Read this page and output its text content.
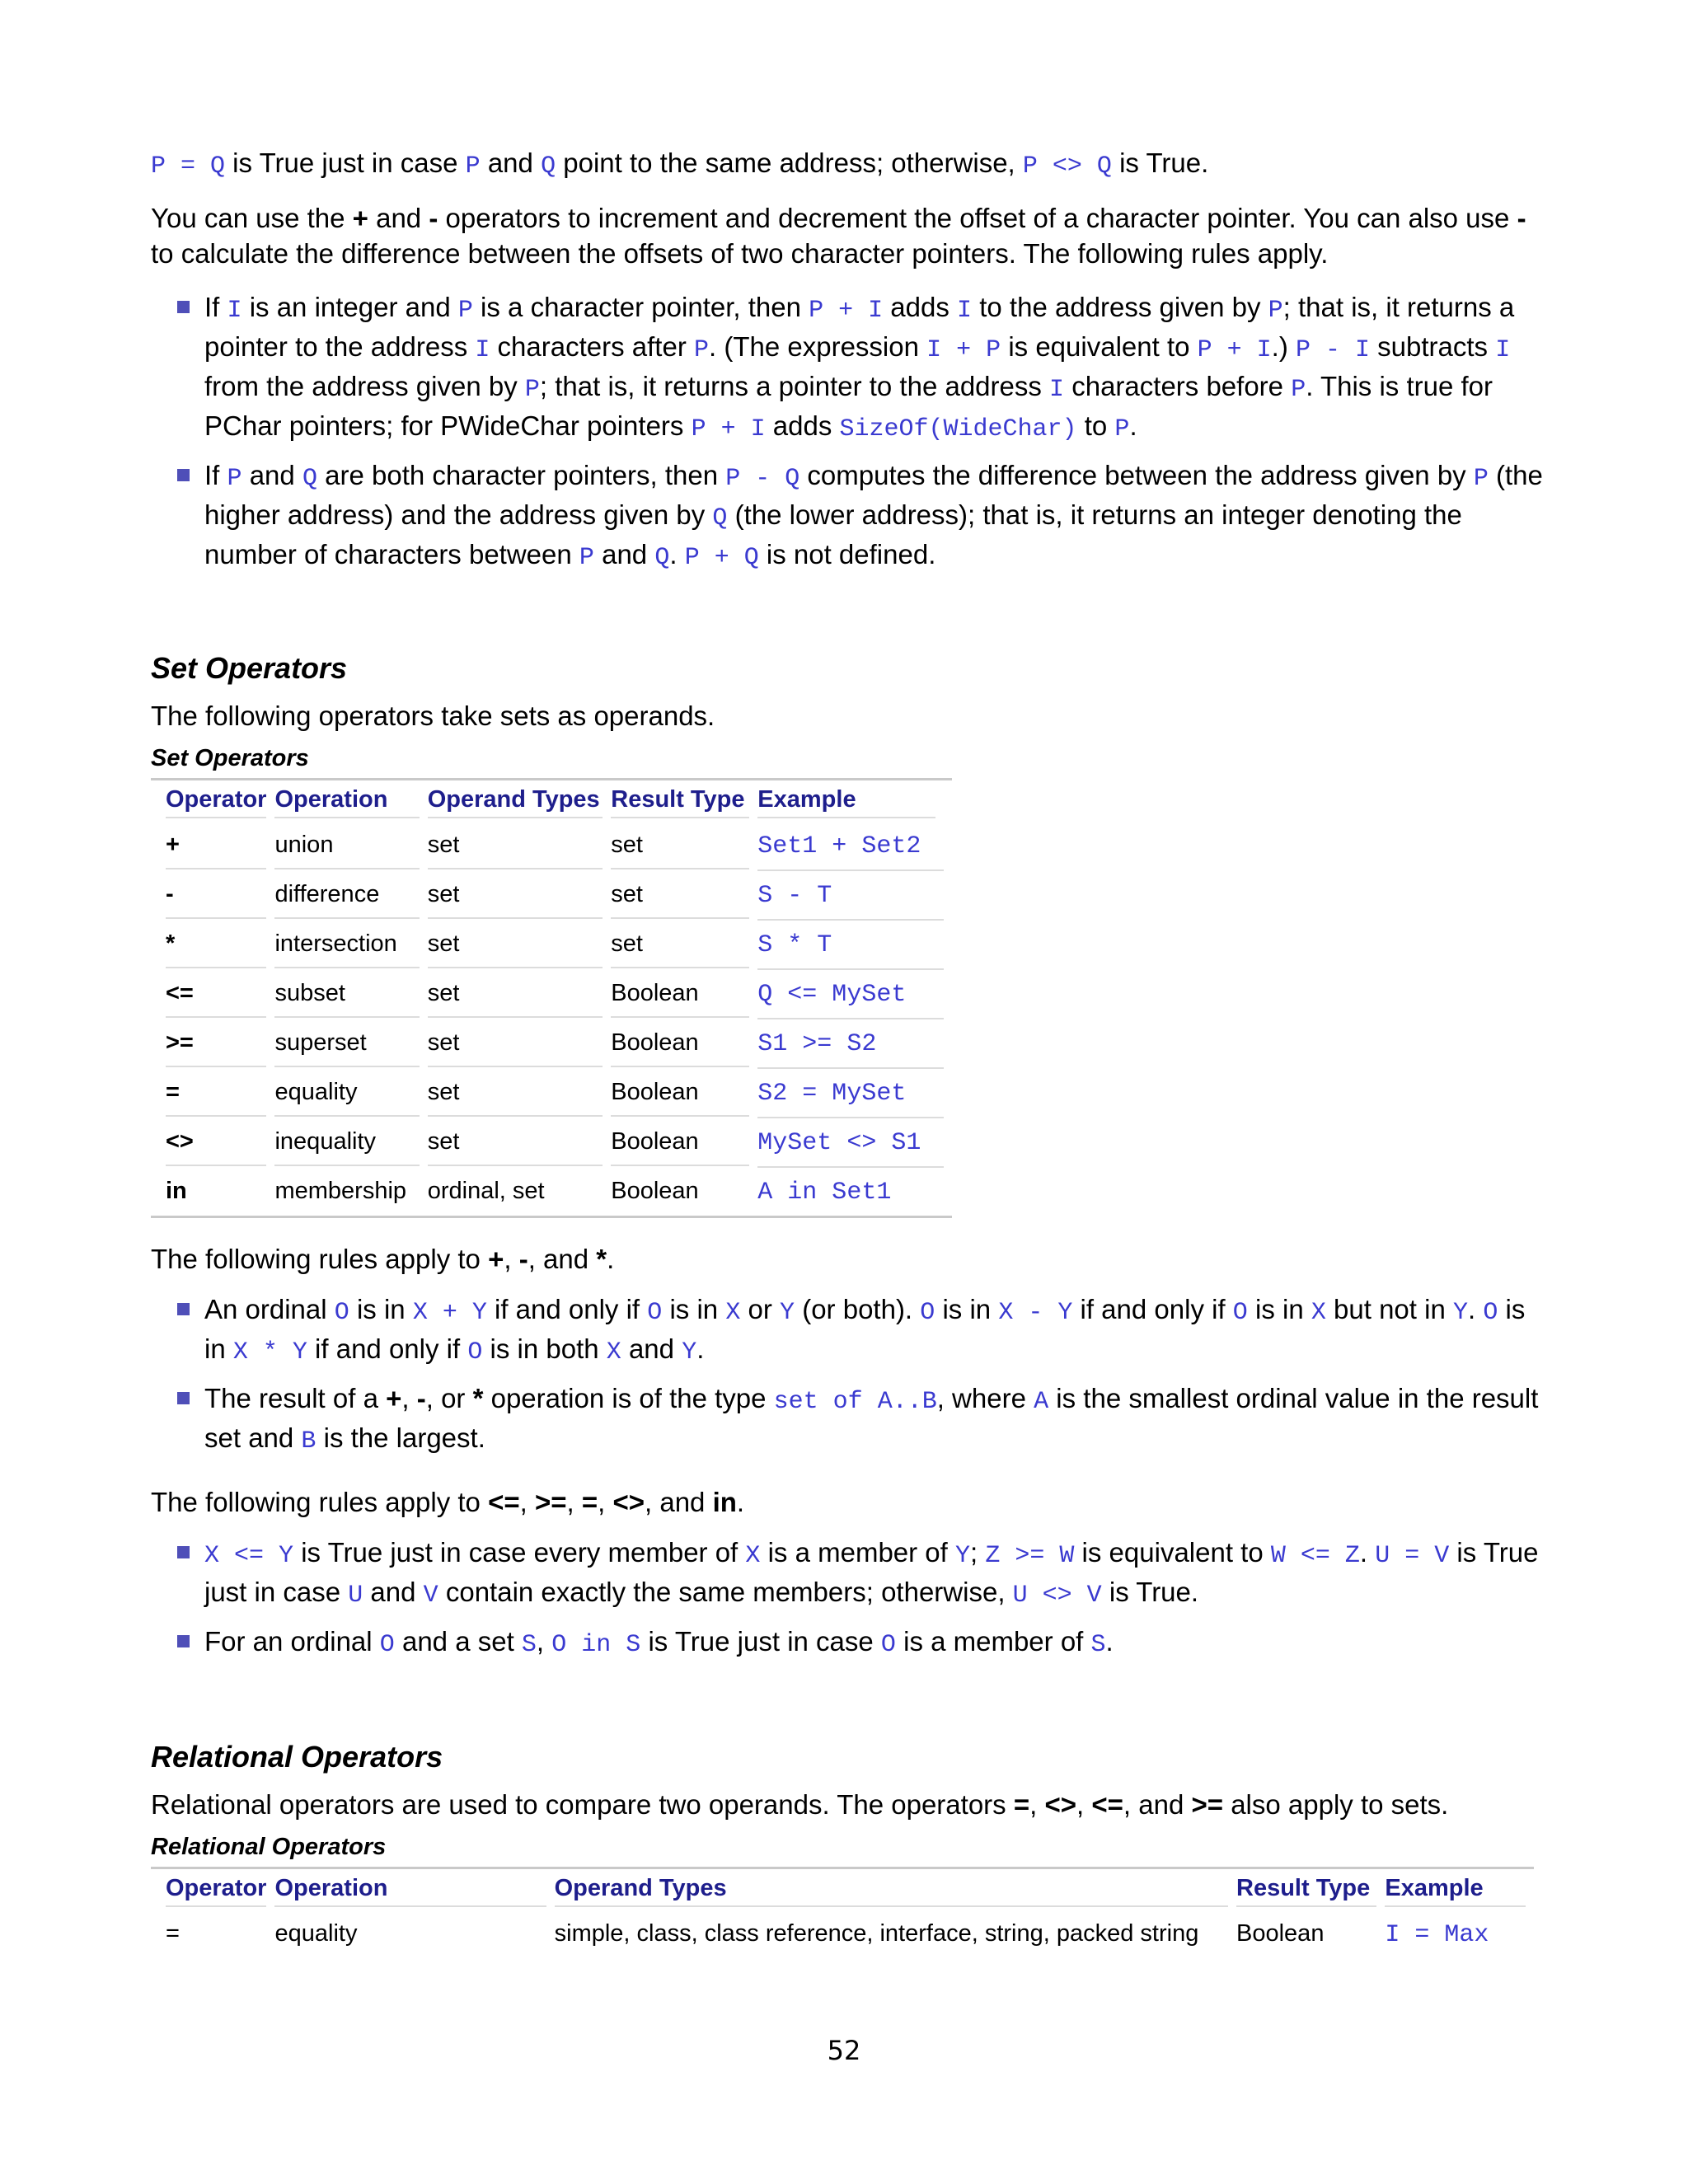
P = Q is True just in case P and Q point to the same address; otherwise, P <> Q is True.

You can use the + and - operators to increment and decrement the offset of a character pointer. You can also use - to calculate the difference between the offsets of two character pointers. The following rules apply.

If I is an integer and P is a character pointer, then P + I adds I to the address given by P; that is, it returns a pointer to the address I characters after P. (The expression I + P is equivalent to P + I.) P - I subtracts I from the address given by P; that is, it returns a pointer to the address I characters before P. This is true for PChar pointers; for PWideChar pointers P + I adds SizeOf(WideChar) to P.
If P and Q are both character pointers, then P - Q computes the difference between the address given by P (the higher address) and the address given by Q (the lower address); that is, it returns an integer denoting the number of characters between P and Q. P + Q is not defined.
Set Operators

The following operators take sets as operands.

Set Operators

Operator	Operation	Operand Types	Result Type	Example

+	union	set	set	Set1 + Set2

-	difference	set	set	S - T

*	intersection	set	set	S * T

<=	subset	set	Boolean	Q <= MySet

>=	superset	set	Boolean	S1 >= S2

=	equality	set	Boolean	S2 = MySet

<>	inequality	set	Boolean	MySet <> S1

in	membership	ordinal, set	Boolean	A in Set1

The following rules apply to +, -, and *.

An ordinal O is in X + Y if and only if O is in X or Y (or both). O is in X - Y if and only if O is in X but not in Y. O is in X * Y if and only if O is in both X and Y.
The result of a +, -, or * operation is of the type set of A..B, where A is the smallest ordinal value in the result set and B is the largest.

The following rules apply to <=, >=, =, <>, and in.

X <= Y is True just in case every member of X is a member of Y; Z >= W is equivalent to W <= Z. U = V is True just in case U and V contain exactly the same members; otherwise, U <> V is True.
For an ordinal O and a set S, O in S is True just in case O is a member of S.
Relational Operators

Relational operators are used to compare two operands. The operators =, <>, <=, and >= also apply to sets.

Relational Operators

Operator	Operation	Operand Types	Result Type	Example

=	equality	simple, class, class reference, interface, string, packed string	Boolean	I = Max
52
